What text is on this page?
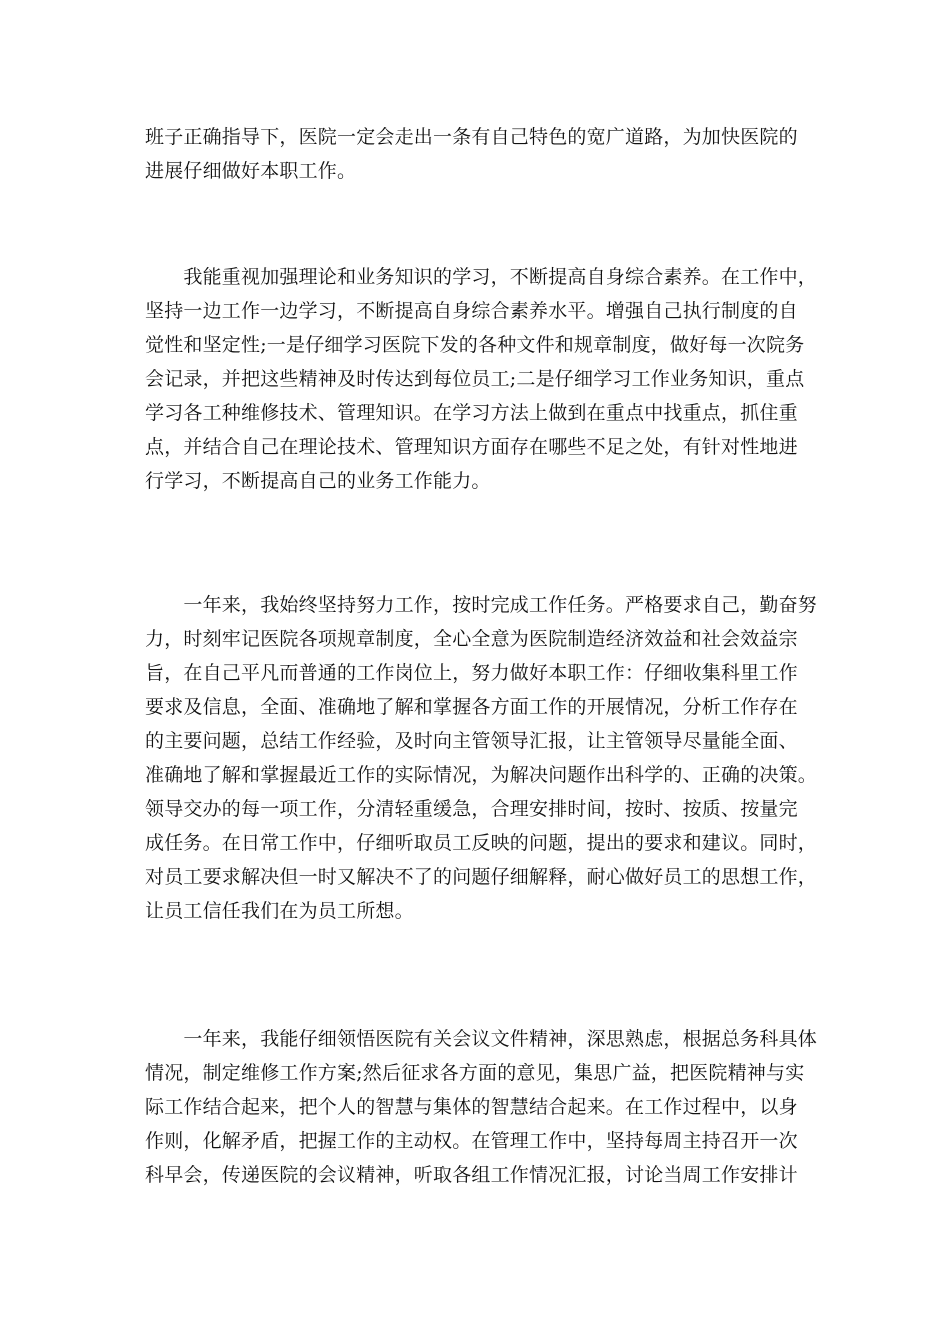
班子正确指导下，医院一定会走出一条有自己特色的宽广道路，为加快医院的
进展仔细做好本职工作。
　　我能重视加强理论和业务知识的学习，不断提高自身综合素养。在工作中，
坚持一边工作一边学习，不断提高自身综合素养水平。增强自己执行制度的自
觉性和坚定性;一是仔细学习医院下发的各种文件和规章制度，做好每一次院务
会记录，并把这些精神及时传达到每位员工;二是仔细学习工作业务知识，重点
学习各工种维修技术、管理知识。在学习方法上做到在重点中找重点，抓住重
点，并结合自己在理论技术、管理知识方面存在哪些不足之处，有针对性地进
行学习，不断提高自己的业务工作能力。
　　一年来，我始终坚持努力工作，按时完成工作任务。严格要求自己，勤奋努
力，时刻牢记医院各项规章制度，全心全意为医院制造经济效益和社会效益宗
旨，在自己平凡而普通的工作岗位上，努力做好本职工作：仔细收集科里工作
要求及信息，全面、准确地了解和掌握各方面工作的开展情况，分析工作存在
的主要问题，总结工作经验，及时向主管领导汇报，让主管领导尽量能全面、
准确地了解和掌握最近工作的实际情况，为解决问题作出科学的、正确的决策。
领导交办的每一项工作，分清轻重缓急，合理安排时间，按时、按质、按量完
成任务。在日常工作中，仔细听取员工反映的问题，提出的要求和建议。同时，
对员工要求解决但一时又解决不了的问题仔细解释，耐心做好员工的思想工作，
让员工信任我们在为员工所想。
　　一年来，我能仔细领悟医院有关会议文件精神，深思熟虑，根据总务科具体
情况，制定维修工作方案;然后征求各方面的意见，集思广益，把医院精神与实
际工作结合起来，把个人的智慧与集体的智慧结合起来。在工作过程中，以身
作则，化解矛盾，把握工作的主动权。在管理工作中，坚持每周主持召开一次
科早会，传递医院的会议精神，听取各组工作情况汇报，讨论当周工作安排计
